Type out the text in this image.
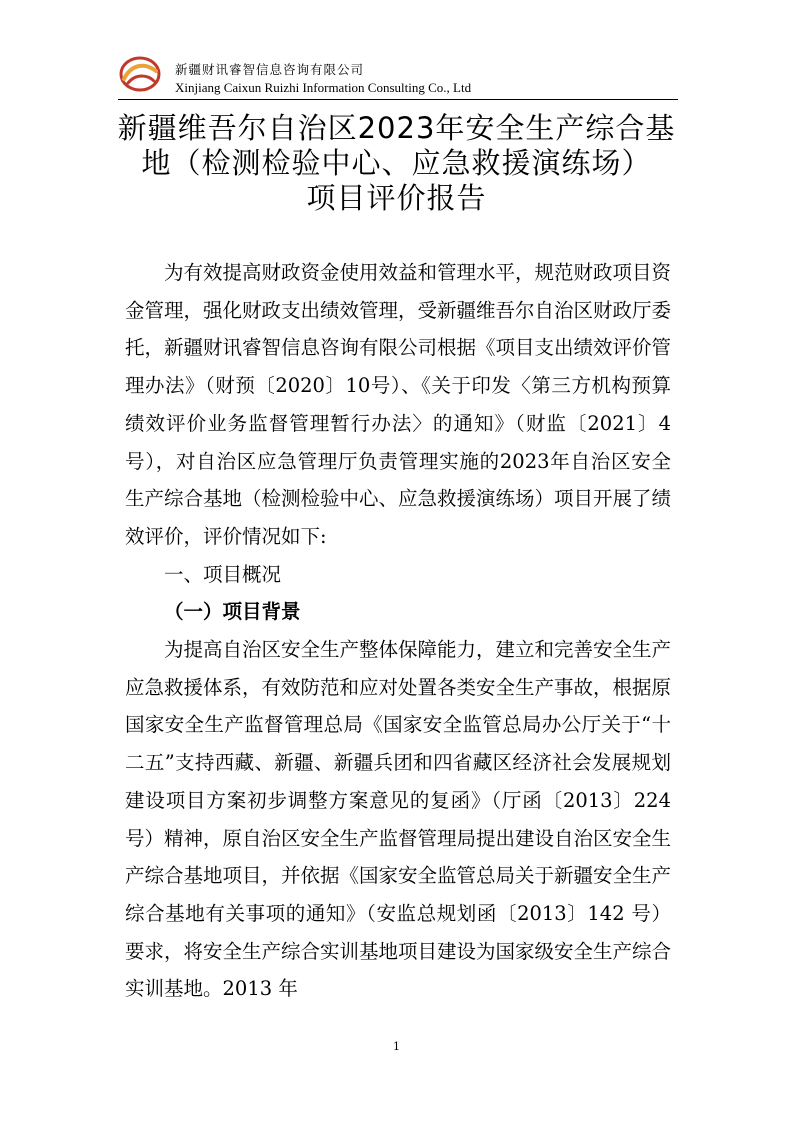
新疆财讯睿智信息咨询有限公司
Xinjiang Caixun Ruizhi Information Consulting Co., Ltd
新疆维吾尔自治区2023年安全生产综合基
地（检测检验中心、应急救援演练场）
项目评价报告

为有效提高财政资金使用效益和管理水平，规范财政项目资金管理，强化财政支出绩效管理，受新疆维吾尔自治区财政厅委托，新疆财讯睿智信息咨询有限公司根据《项目支出绩效评价管理办法》（财预〔2020〕10号）、《关于印发〈第三方机构预算绩效评价业务监督管理暂行办法〉的通知》（财监〔2021〕4号），对自治区应急管理厅负责管理实施的2023年自治区安全生产综合基地（检测检验中心、应急救援演练场）项目开展了绩效评价，评价情况如下:

一、项目概况
（一）项目背景

为提高自治区安全生产整体保障能力，建立和完善安全生产应急救援体系，有效防范和应对处置各类安全生产事故，根据原国家安全生产监督管理总局《国家安全监管总局办公厅关于“十二五”支持西藏、新疆、新疆兵团和四省藏区经济社会发展规划建设项目方案初步调整方案意见的复函》（厅函〔2013〕224 号）精神，原自治区安全生产监督管理局提出建设自治区安全生产综合基地项目，并依据《国家安全监管总局关于新疆安全生产综合基地有关事项的通知》（安监总规划函〔2013〕142 号）要求，将安全生产综合实训基地项目建设为国家级安全生产综合实训基地。2013 年

1
